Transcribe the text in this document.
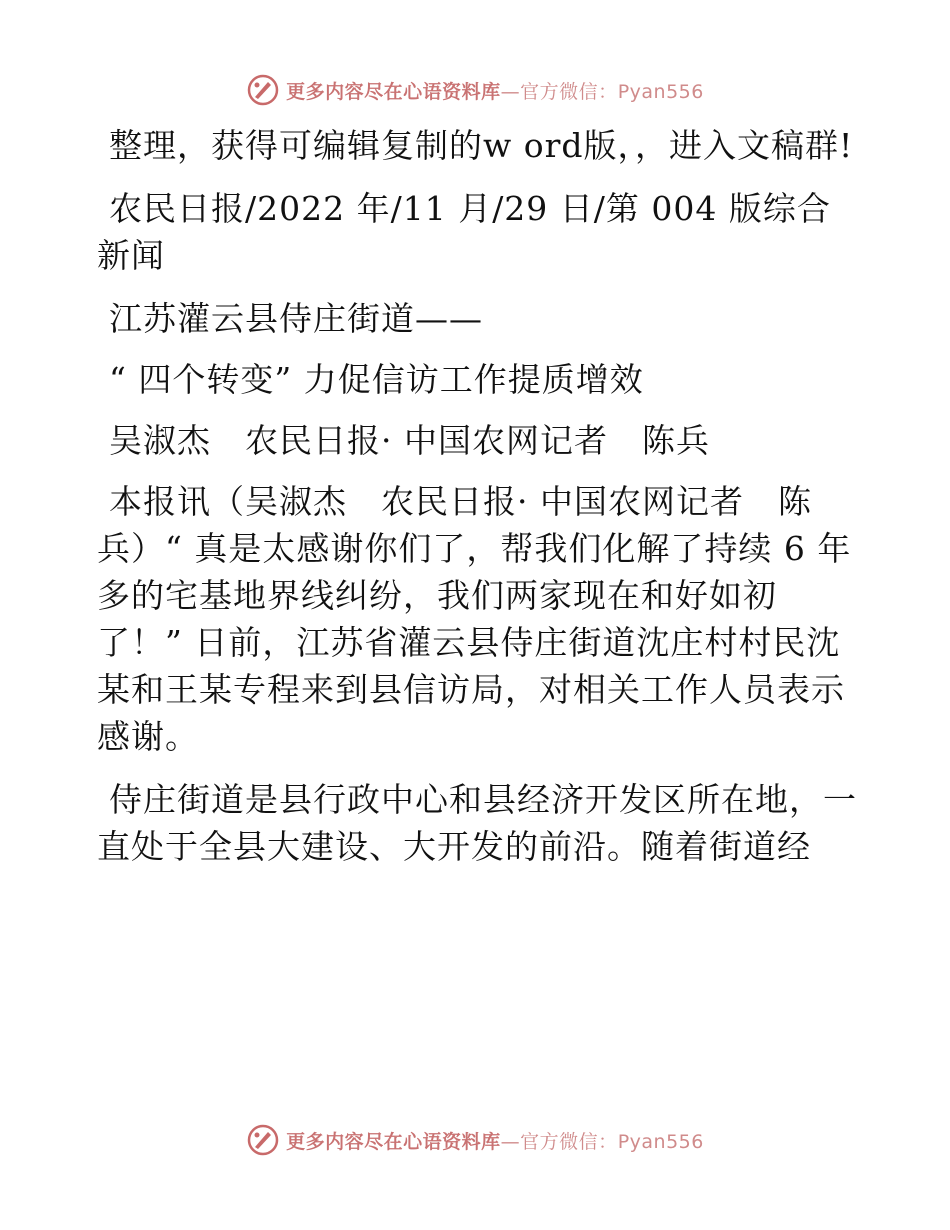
更多内容尽在心语资料库—官方微信：Pyan556

整理，获得可编辑复制的w ord版，，进入文稿群!

农民日报/2022 年/11 月/29 日/第 004 版综合新闻

江苏灌云县侍庄街道——

“ 四个转变” 力促信访工作提质增效

吴淑杰　农民日报· 中国农网记者　陈兵

本报讯（吴淑杰　农民日报· 中国农网记者　陈兵）“ 真是太感谢你们了，帮我们化解了持续 6 年多的宅基地界线纠纷，我们两家现在和好如初了！” 日前，江苏省灌云县侍庄街道沈庄村村民沈某和王某专程来到县信访局，对相关工作人员表示感谢。

侍庄街道是县行政中心和县经济开发区所在地，一直处于全县大建设、大开发的前沿。随着街道经

更多内容尽在心语资料库—官方微信：Pyan556
